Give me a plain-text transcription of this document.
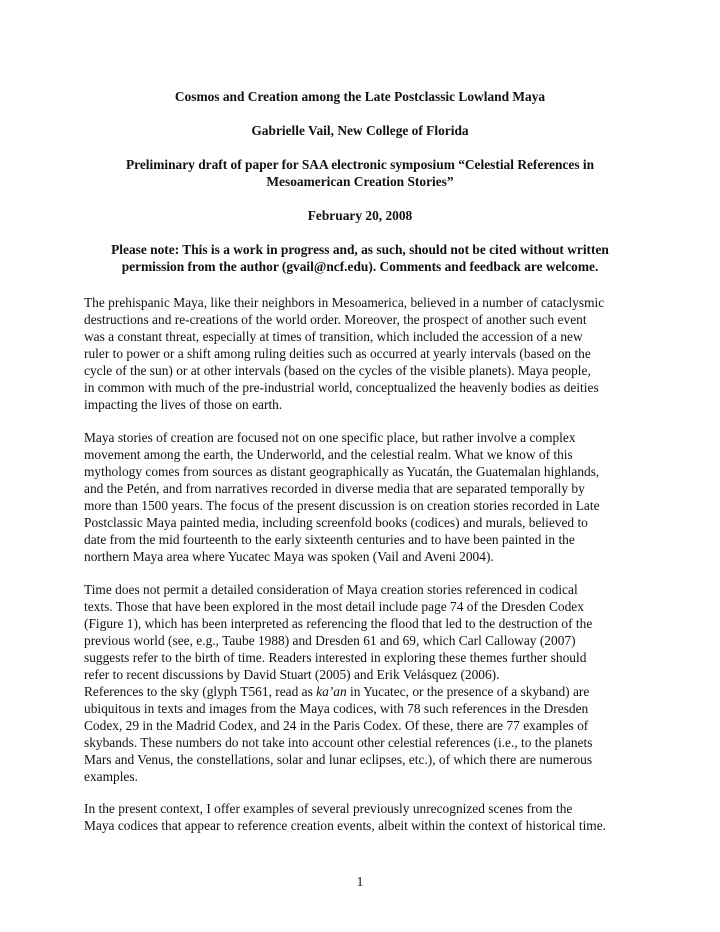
Cosmos and Creation among the Late Postclassic Lowland Maya
Gabrielle Vail, New College of Florida
Preliminary draft of paper for SAA electronic symposium “Celestial References in
Mesoamerican Creation Stories”
February 20, 2008
Please note: This is a work in progress and, as such, should not be cited without written
permission from the author (gvail@ncf.edu). Comments and feedback are welcome.
The prehispanic Maya, like their neighbors in Mesoamerica, believed in a number of cataclysmic
destructions and re-creations of the world order. Moreover, the prospect of another such event
was a constant threat, especially at times of transition, which included the accession of a new
ruler to power or a shift among ruling deities such as occurred at yearly intervals (based on the
cycle of the sun) or at other intervals (based on the cycles of the visible planets). Maya people,
in common with much of the pre-industrial world, conceptualized the heavenly bodies as deities
impacting the lives of those on earth.
Maya stories of creation are focused not on one specific place, but rather involve a complex
movement among the earth, the Underworld, and the celestial realm. What we know of this
mythology comes from sources as distant geographically as Yucatán, the Guatemalan highlands,
and the Petén, and from narratives recorded in diverse media that are separated temporally by
more than 1500 years. The focus of the present discussion is on creation stories recorded in Late
Postclassic Maya painted media, including screenfold books (codices) and murals, believed to
date from the mid fourteenth to the early sixteenth centuries and to have been painted in the
northern Maya area where Yucatec Maya was spoken (Vail and Aveni 2004).
Time does not permit a detailed consideration of Maya creation stories referenced in codical
texts. Those that have been explored in the most detail include page 74 of the Dresden Codex
(Figure 1), which has been interpreted as referencing the flood that led to the destruction of the
previous world (see, e.g., Taube 1988) and Dresden 61 and 69, which Carl Calloway (2007)
suggests refer to the birth of time. Readers interested in exploring these themes further should
refer to recent discussions by David Stuart (2005) and Erik Velásquez (2006).
References to the sky (glyph T561, read as ka’an in Yucatec, or the presence of a skyband) are
ubiquitous in texts and images from the Maya codices, with 78 such references in the Dresden
Codex, 29 in the Madrid Codex, and 24 in the Paris Codex. Of these, there are 77 examples of
skybands. These numbers do not take into account other celestial references (i.e., to the planets
Mars and Venus, the constellations, solar and lunar eclipses, etc.), of which there are numerous
examples.
In the present context, I offer examples of several previously unrecognized scenes from the
Maya codices that appear to reference creation events, albeit within the context of historical time.
1
